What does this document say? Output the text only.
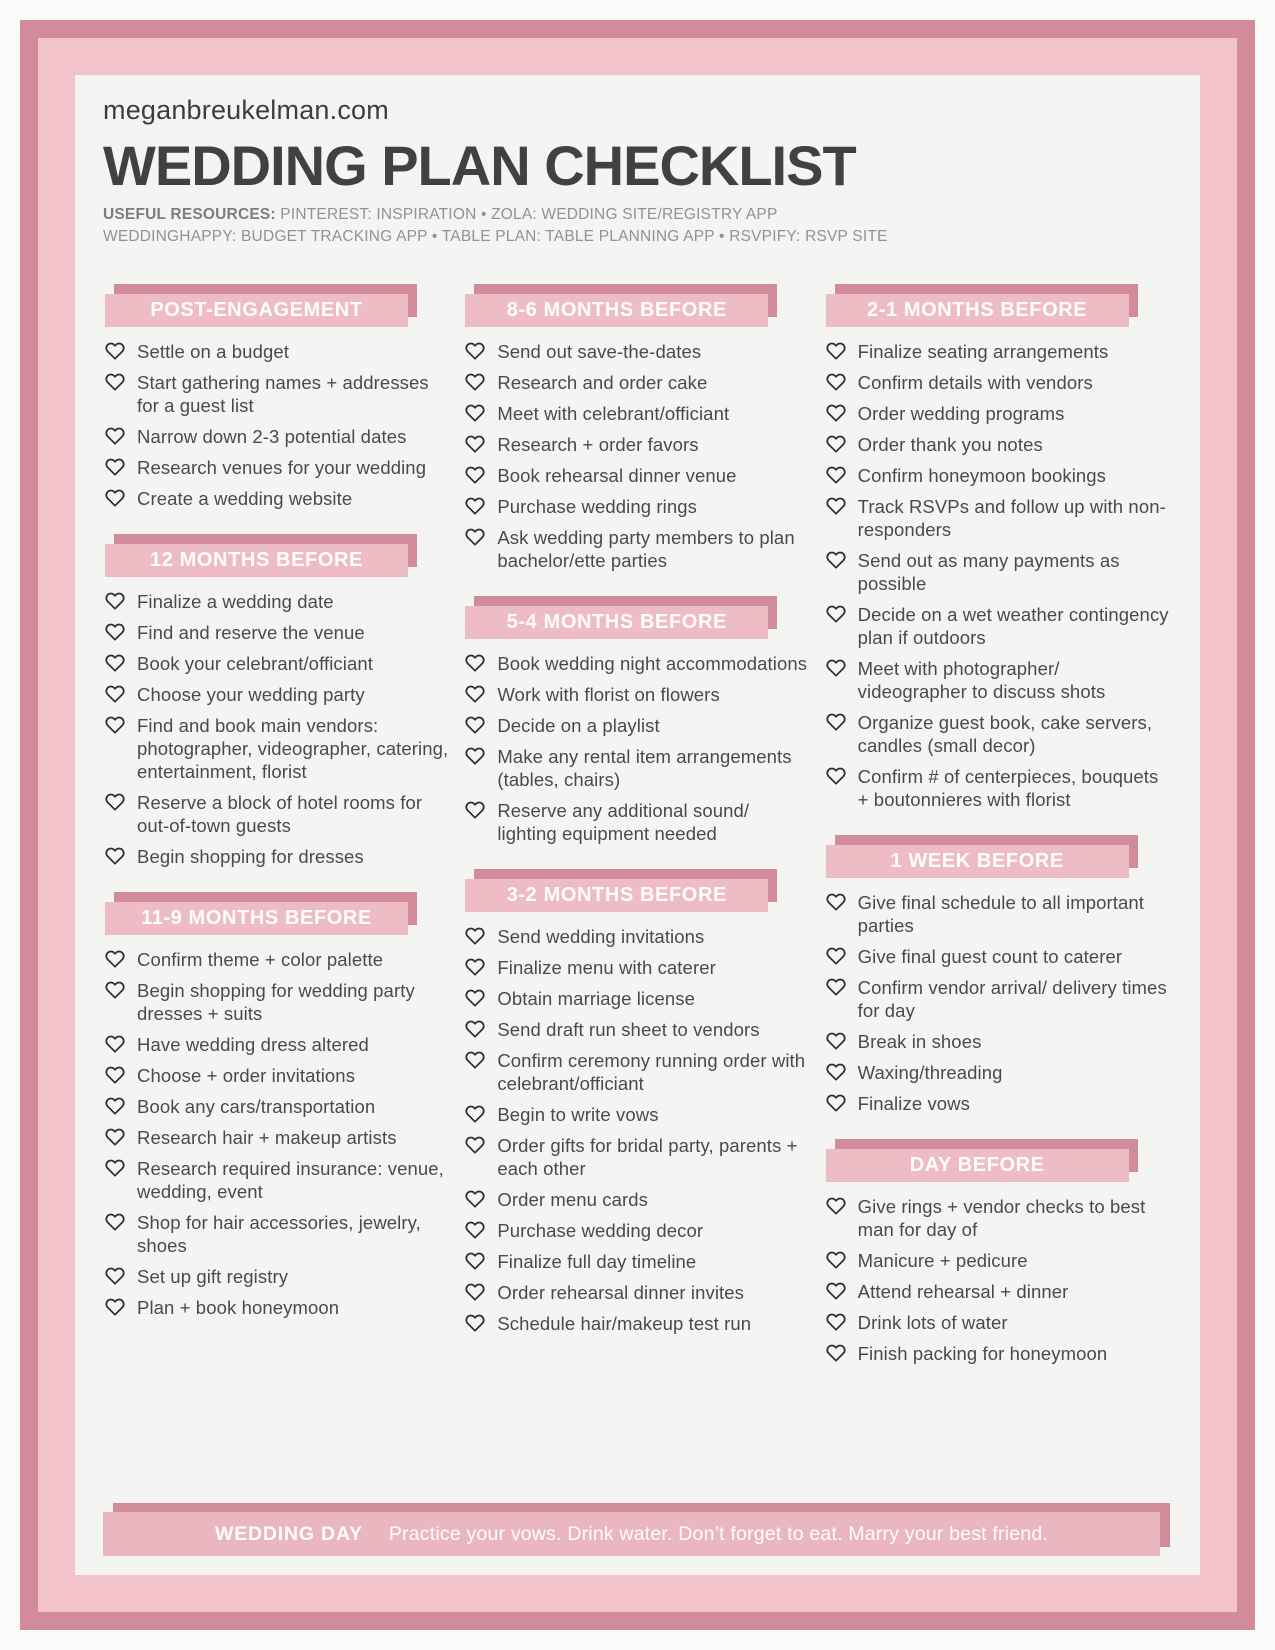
meganbreukelman.com
WEDDING PLAN CHECKLIST
USEFUL RESOURCES: PINTEREST: INSPIRATION • ZOLA: WEDDING SITE/REGISTRY APP
WEDDINGHAPPY: BUDGET TRACKING APP • TABLE PLAN: TABLE PLANNING APP • RSVPIFY: RSVP SITE
POST-ENGAGEMENT
Settle on a budget
Start gathering names + addresses for a guest list
Narrow down 2-3 potential dates
Research venues for your wedding
Create a wedding website
12 MONTHS BEFORE
Finalize a wedding date
Find and reserve the venue
Book your celebrant/officiant
Choose your wedding party
Find and book main vendors: photographer, videographer, catering, entertainment, florist
Reserve a block of hotel rooms for out-of-town guests
Begin shopping for dresses
11-9 MONTHS BEFORE
Confirm theme + color palette
Begin shopping for wedding party dresses + suits
Have wedding dress altered
Choose + order invitations
Book any cars/transportation
Research hair + makeup artists
Research required insurance: venue, wedding, event
Shop for hair accessories, jewelry, shoes
Set up gift registry
Plan + book honeymoon
8-6 MONTHS BEFORE
Send out save-the-dates
Research and order cake
Meet with celebrant/officiant
Research + order favors
Book rehearsal dinner venue
Purchase wedding rings
Ask wedding party members to plan bachelor/ette parties
5-4 MONTHS BEFORE
Book wedding night accommodations
Work with florist on flowers
Decide on a playlist
Make any rental item arrangements (tables, chairs)
Reserve any additional sound/ lighting equipment needed
3-2 MONTHS BEFORE
Send wedding invitations
Finalize menu with caterer
Obtain marriage license
Send draft run sheet to vendors
Confirm ceremony running order with celebrant/officiant
Begin to write vows
Order gifts for bridal party, parents + each other
Order menu cards
Purchase wedding decor
Finalize full day timeline
Order rehearsal dinner invites
Schedule hair/makeup test run
2-1 MONTHS BEFORE
Finalize seating arrangements
Confirm details with vendors
Order wedding programs
Order thank you notes
Confirm honeymoon bookings
Track RSVPs and follow up with non-responders
Send out as many payments as possible
Decide on a wet weather contingency plan if outdoors
Meet with photographer/ videographer to discuss shots
Organize guest book, cake servers, candles (small decor)
Confirm # of centerpieces, bouquets + boutonnieres with florist
1 WEEK BEFORE
Give final schedule to all important parties
Give final guest count to caterer
Confirm vendor arrival/ delivery times for day
Break in shoes
Waxing/threading
Finalize vows
DAY BEFORE
Give rings + vendor checks to best man for day of
Manicure + pedicure
Attend rehearsal + dinner
Drink lots of water
Finish packing for honeymoon
WEDDING DAY Practice your vows. Drink water. Don’t forget to eat. Marry your best friend.
